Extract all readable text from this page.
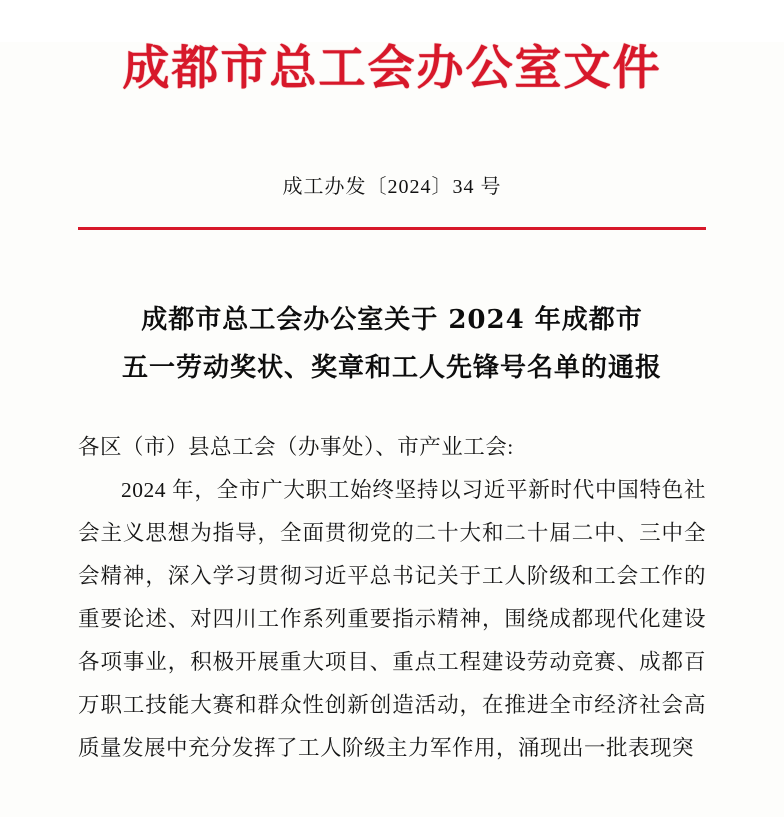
成都市总工会办公室文件
成工办发〔2024〕34 号
成都市总工会办公室关于 2024 年成都市
五一劳动奖状、奖章和工人先锋号名单的通报

各区（市）县总工会（办事处）、市产业工会:

2024 年，全市广大职工始终坚持以习近平新时代中国特色社会主义思想为指导，全面贯彻党的二十大和二十届二中、三中全会精神，深入学习贯彻习近平总书记关于工人阶级和工会工作的重要论述、对四川工作系列重要指示精神，围绕成都现代化建设各项事业，积极开展重大项目、重点工程建设劳动竞赛、成都百万职工技能大赛和群众性创新创造活动，在推进全市经济社会高质量发展中充分发挥了工人阶级主力军作用，涌现出一批表现突
